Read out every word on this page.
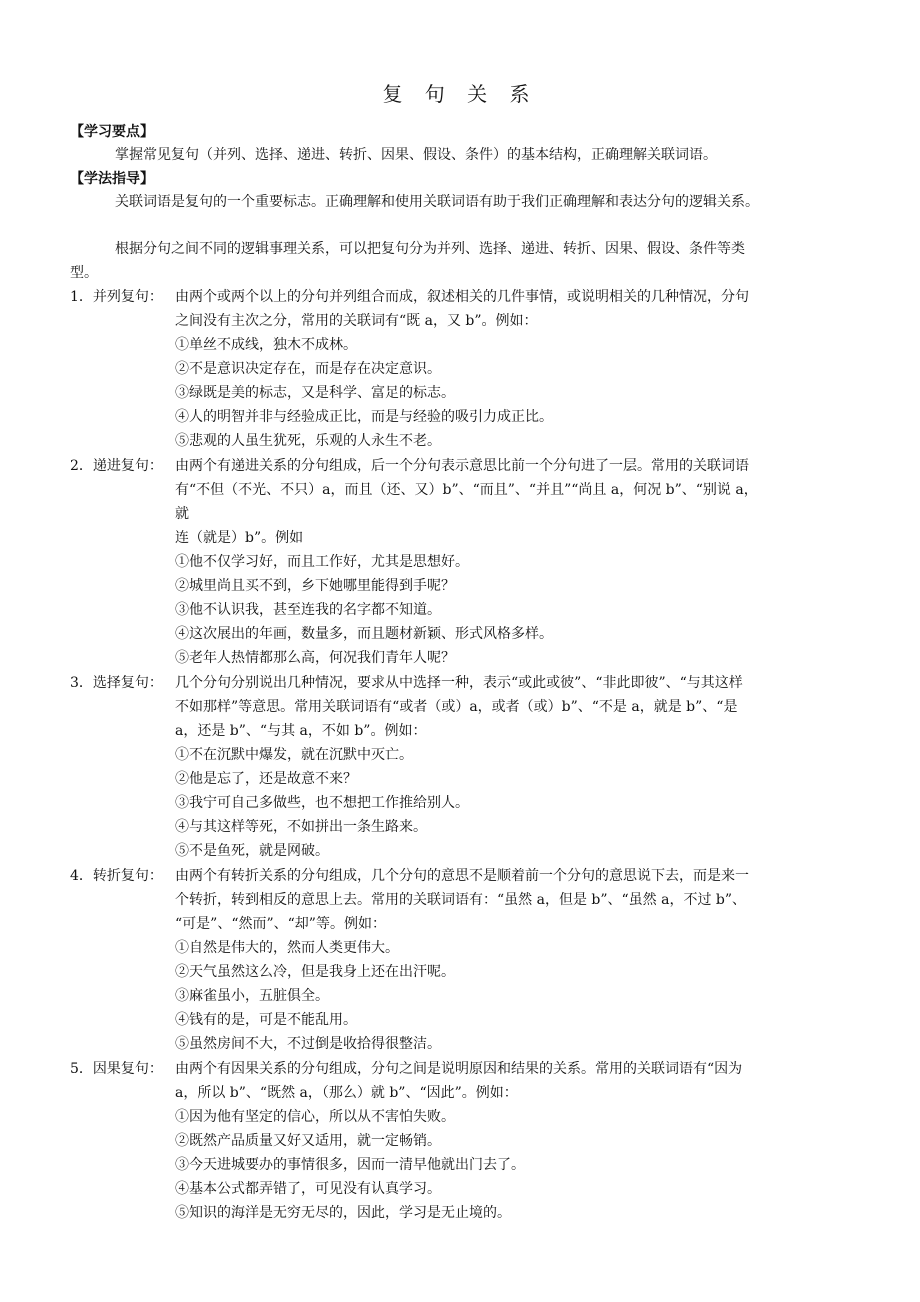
复 句 关 系
【学习要点】
掌握常见复句（并列、选择、递进、转折、因果、假设、条件）的基本结构，正确理解关联词语。
【学法指导】
关联词语是复句的一个重要标志。正确理解和使用关联词语有助于我们正确理解和表达分句的逻辑关系。
根据分句之间不同的逻辑事理关系，可以把复句分为并列、选择、递进、转折、因果、假设、条件等类
型。
1．并列复句： 由两个或两个以上的分句并列组合而成，叙述相关的几件事情，或说明相关的几种情况，分句
之间没有主次之分，常用的关联词有“既 a，又 b”。例如：
①单丝不成线，独木不成林。
②不是意识决定存在，而是存在决定意识。
③绿既是美的标志，又是科学、富足的标志。
④人的明智并非与经验成正比，而是与经验的吸引力成正比。
⑤悲观的人虽生犹死，乐观的人永生不老。
2．递进复句： 由两个有递进关系的分句组成，后一个分句表示意思比前一个分句进了一层。常用的关联词语
有“不但（不光、不只）a，而且（还、又）b”、“而且”、“并且”“尚且 a，何况 b”、“别说 a，
就
连（就是）b”。例如
①他不仅学习好，而且工作好，尤其是思想好。
②城里尚且买不到，乡下她哪里能得到手呢？
③他不认识我，甚至连我的名字都不知道。
④这次展出的年画，数量多，而且题材新颖、形式风格多样。
⑤老年人热情都那么高，何况我们青年人呢？
3．选择复句： 几个分句分别说出几种情况，要求从中选择一种，表示“或此或彼”、“非此即彼”、“与其这样
不如那样”等意思。常用关联词语有“或者（或）a，或者（或）b”、“不是 a，就是 b”、“是
a，还是 b”、“与其 a，不如 b”。例如：
①不在沉默中爆发，就在沉默中灭亡。
②他是忘了，还是故意不来？
③我宁可自己多做些，也不想把工作推给别人。
④与其这样等死，不如拼出一条生路来。
⑤不是鱼死，就是网破。
4．转折复句： 由两个有转折关系的分句组成，几个分句的意思不是顺着前一个分句的意思说下去，而是来一
个转折，转到相反的意思上去。常用的关联词语有：“虽然 a，但是 b”、“虽然 a，不过 b”、
“可是”、“然而”、“却”等。例如：
①自然是伟大的，然而人类更伟大。
②天气虽然这么冷，但是我身上还在出汗呢。
③麻雀虽小，五脏俱全。
④钱有的是，可是不能乱用。
⑤虽然房间不大，不过倒是收拾得很整洁。
5．因果复句： 由两个有因果关系的分句组成，分句之间是说明原因和结果的关系。常用的关联词语有“因为
a，所以 b”、“既然 a，（那么）就 b”、“因此”。例如：
①因为他有坚定的信心，所以从不害怕失败。
②既然产品质量又好又适用，就一定畅销。
③今天进城要办的事情很多，因而一清早他就出门去了。
④基本公式都弄错了，可见没有认真学习。
⑤知识的海洋是无穷无尽的，因此，学习是无止境的。
